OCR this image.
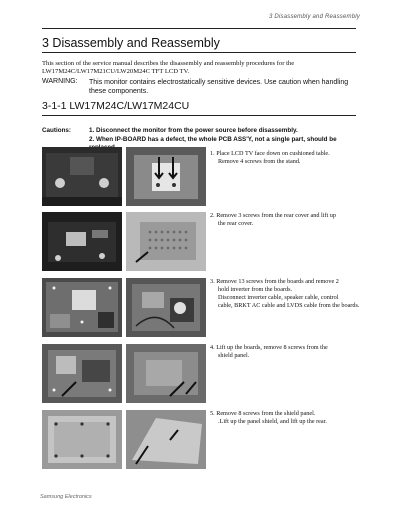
3 Disassembly and Reassembly
3 Disassembly and Reassembly
This section of the service manual describes the disassembly and reassembly procedures for the LW17M24C/LW17M21CU/LW20M24C TFT LCD TV.
WARNING: This monitor contains electrostatically sensitive devices. Use caution when handling these components.
3-1-1 LW17M24C/LW17M24CU
Cautions:	1. Disconnect the monitor from the power source before disassembly.
2. When IP-BOARD has a defect, the whole PCB ASS'Y, not a single part, should be
1. Place LCD TV face down on cushioned table.
Remove 4 screws from the stand.
2. Remove 3 screws from the rear cover and lift up
the rear cover.
3. Remove 13 screws from the boards and remove 2
hold inverter from the boards.
Disconnect inverter cable, speaker cable, control
cable, BRKT AC cable and LVDS cable from the boards.
4. Lift up the boards, remove 8 screws from the
shield panel.
5. Remove 8 screws from the shield panel.
.Lift up the panel shield, and lift up the rear.
Samsung Electronics
